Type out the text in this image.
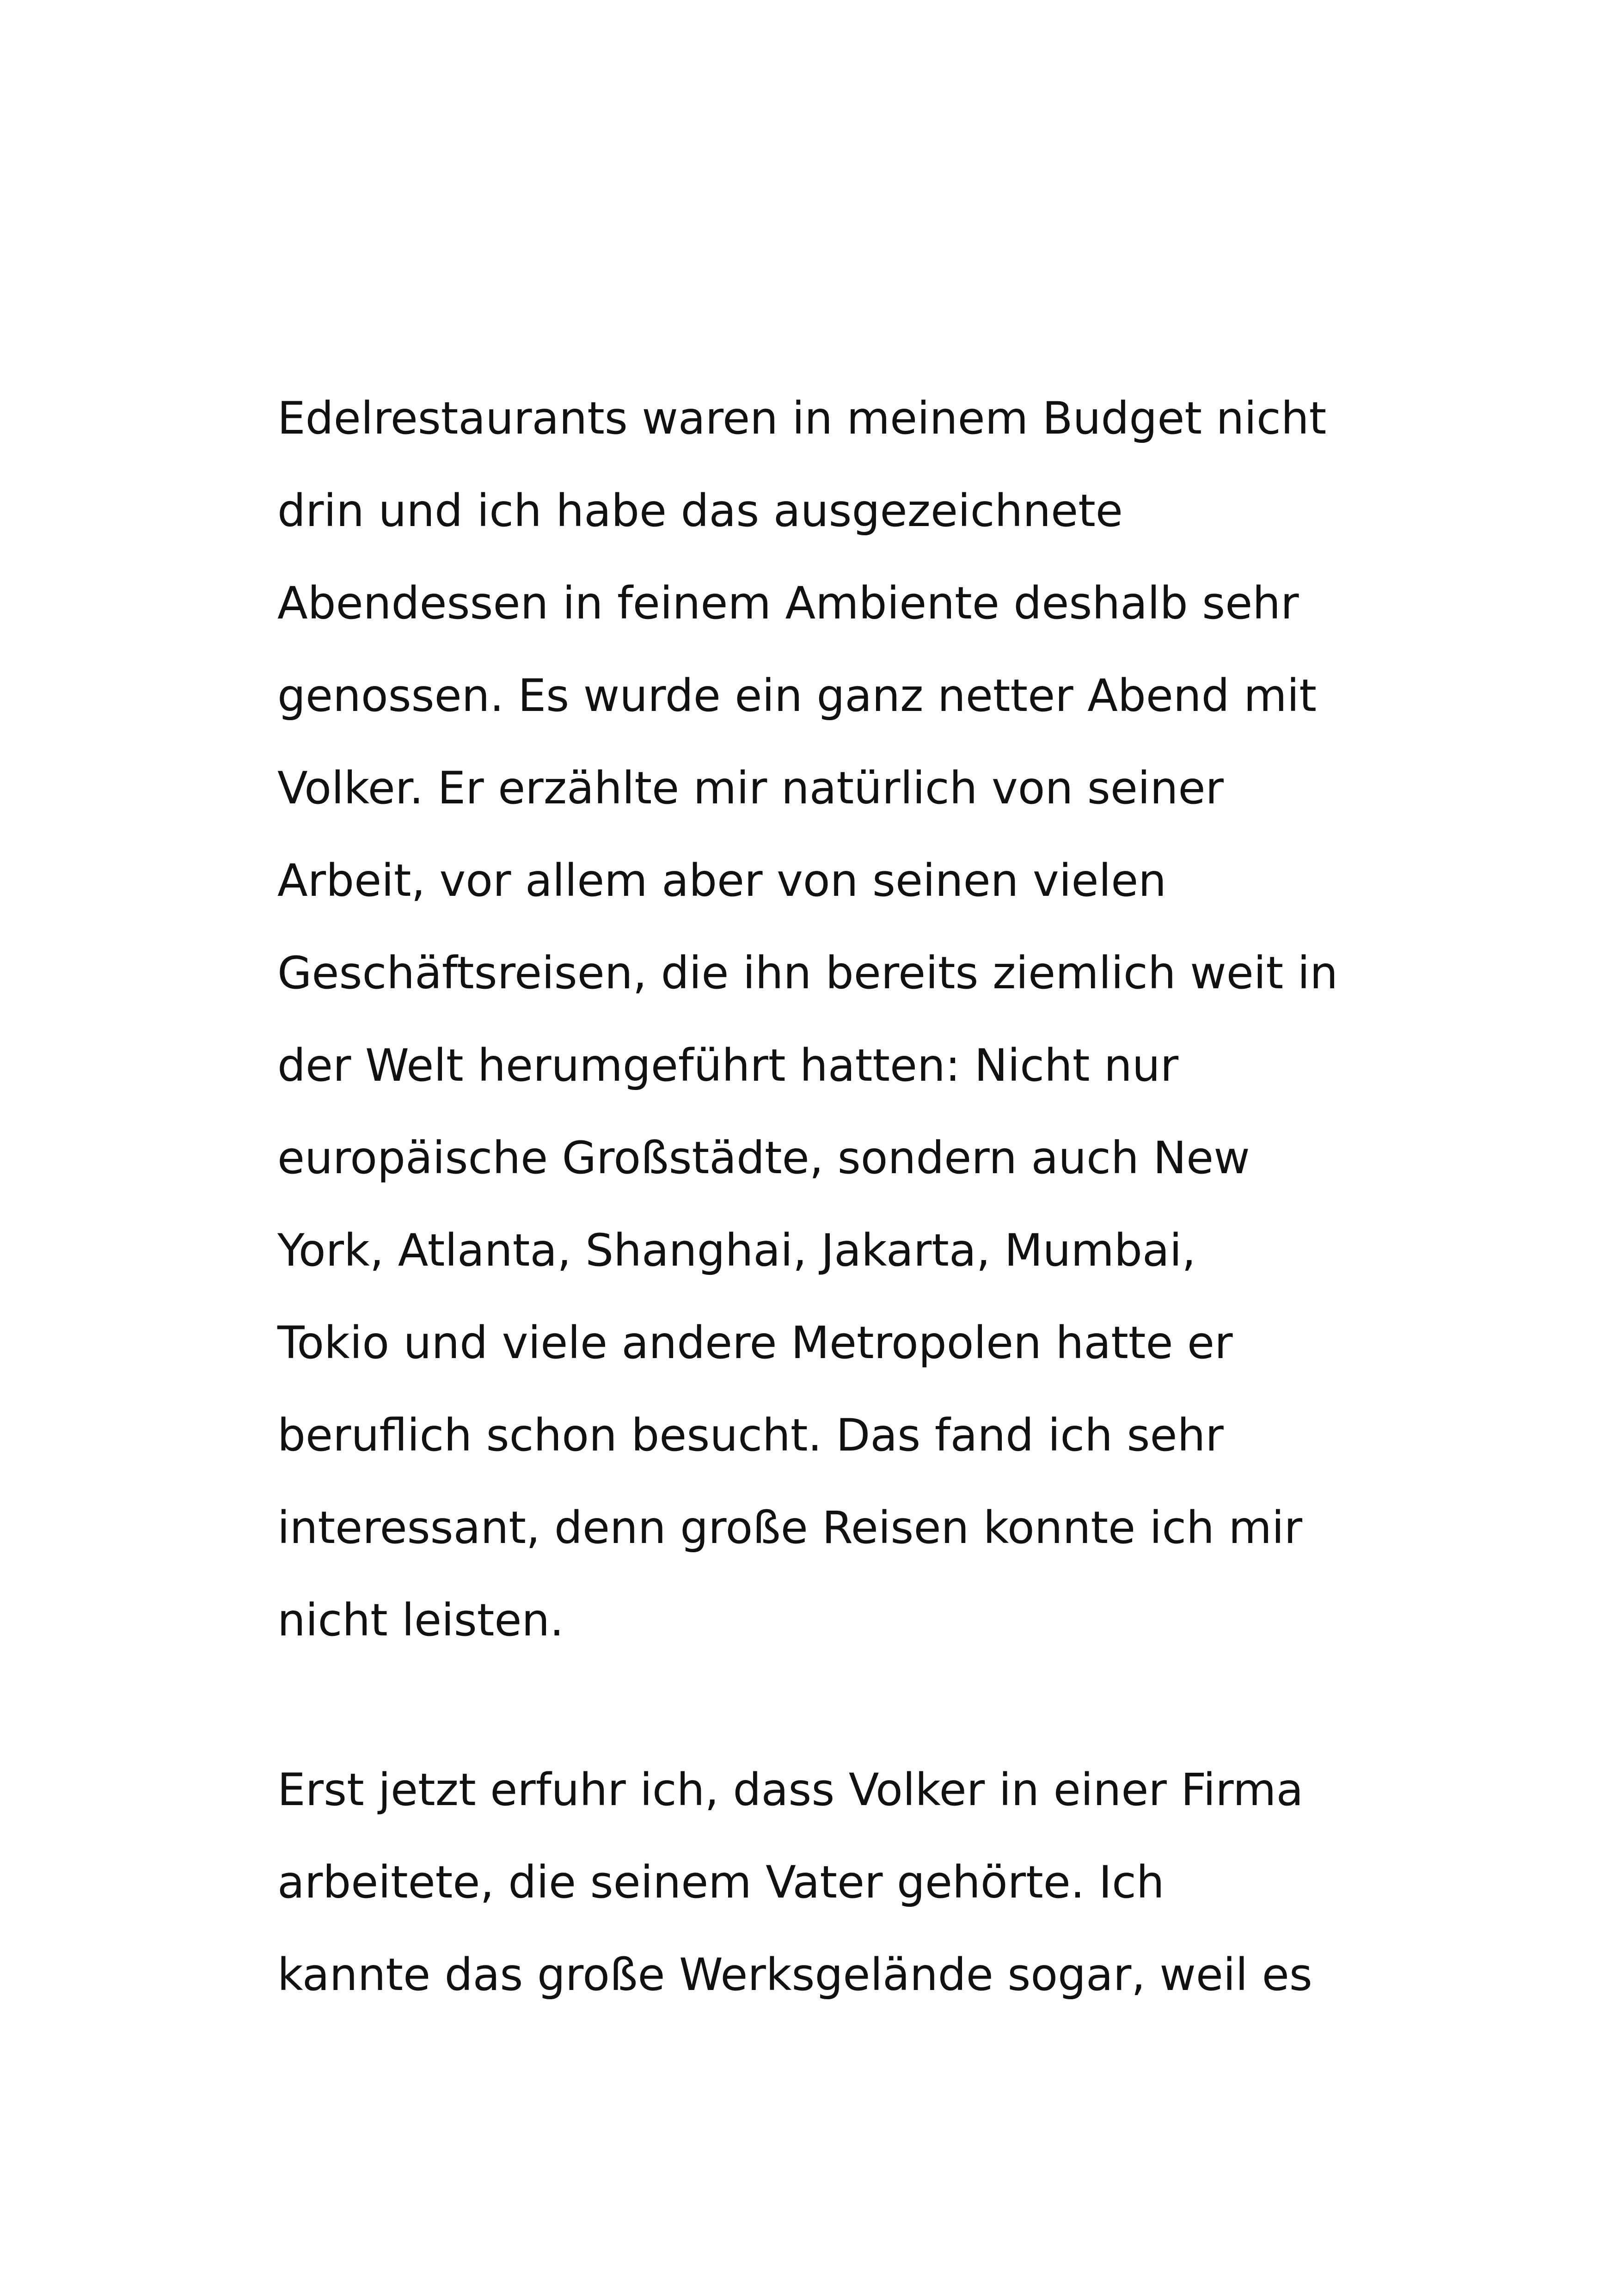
Edelrestaurants waren in meinem Budget nicht
drin und ich habe das ausgezeichnete
Abendessen in feinem Ambiente deshalb sehr
genossen. Es wurde ein ganz netter Abend mit
Volker. Er erzählte mir natürlich von seiner
Arbeit, vor allem aber von seinen vielen
Geschäftsreisen, die ihn bereits ziemlich weit in
der Welt herumgeführt hatten: Nicht nur
europäische Großstädte, sondern auch New
York, Atlanta, Shanghai, Jakarta, Mumbai,
Tokio und viele andere Metropolen hatte er
beruflich schon besucht. Das fand ich sehr
interessant, denn große Reisen konnte ich mir
nicht leisten.
Erst jetzt erfuhr ich, dass Volker in einer Firma
arbeitete, die seinem Vater gehörte. Ich
kannte das große Werksgelände sogar, weil es
